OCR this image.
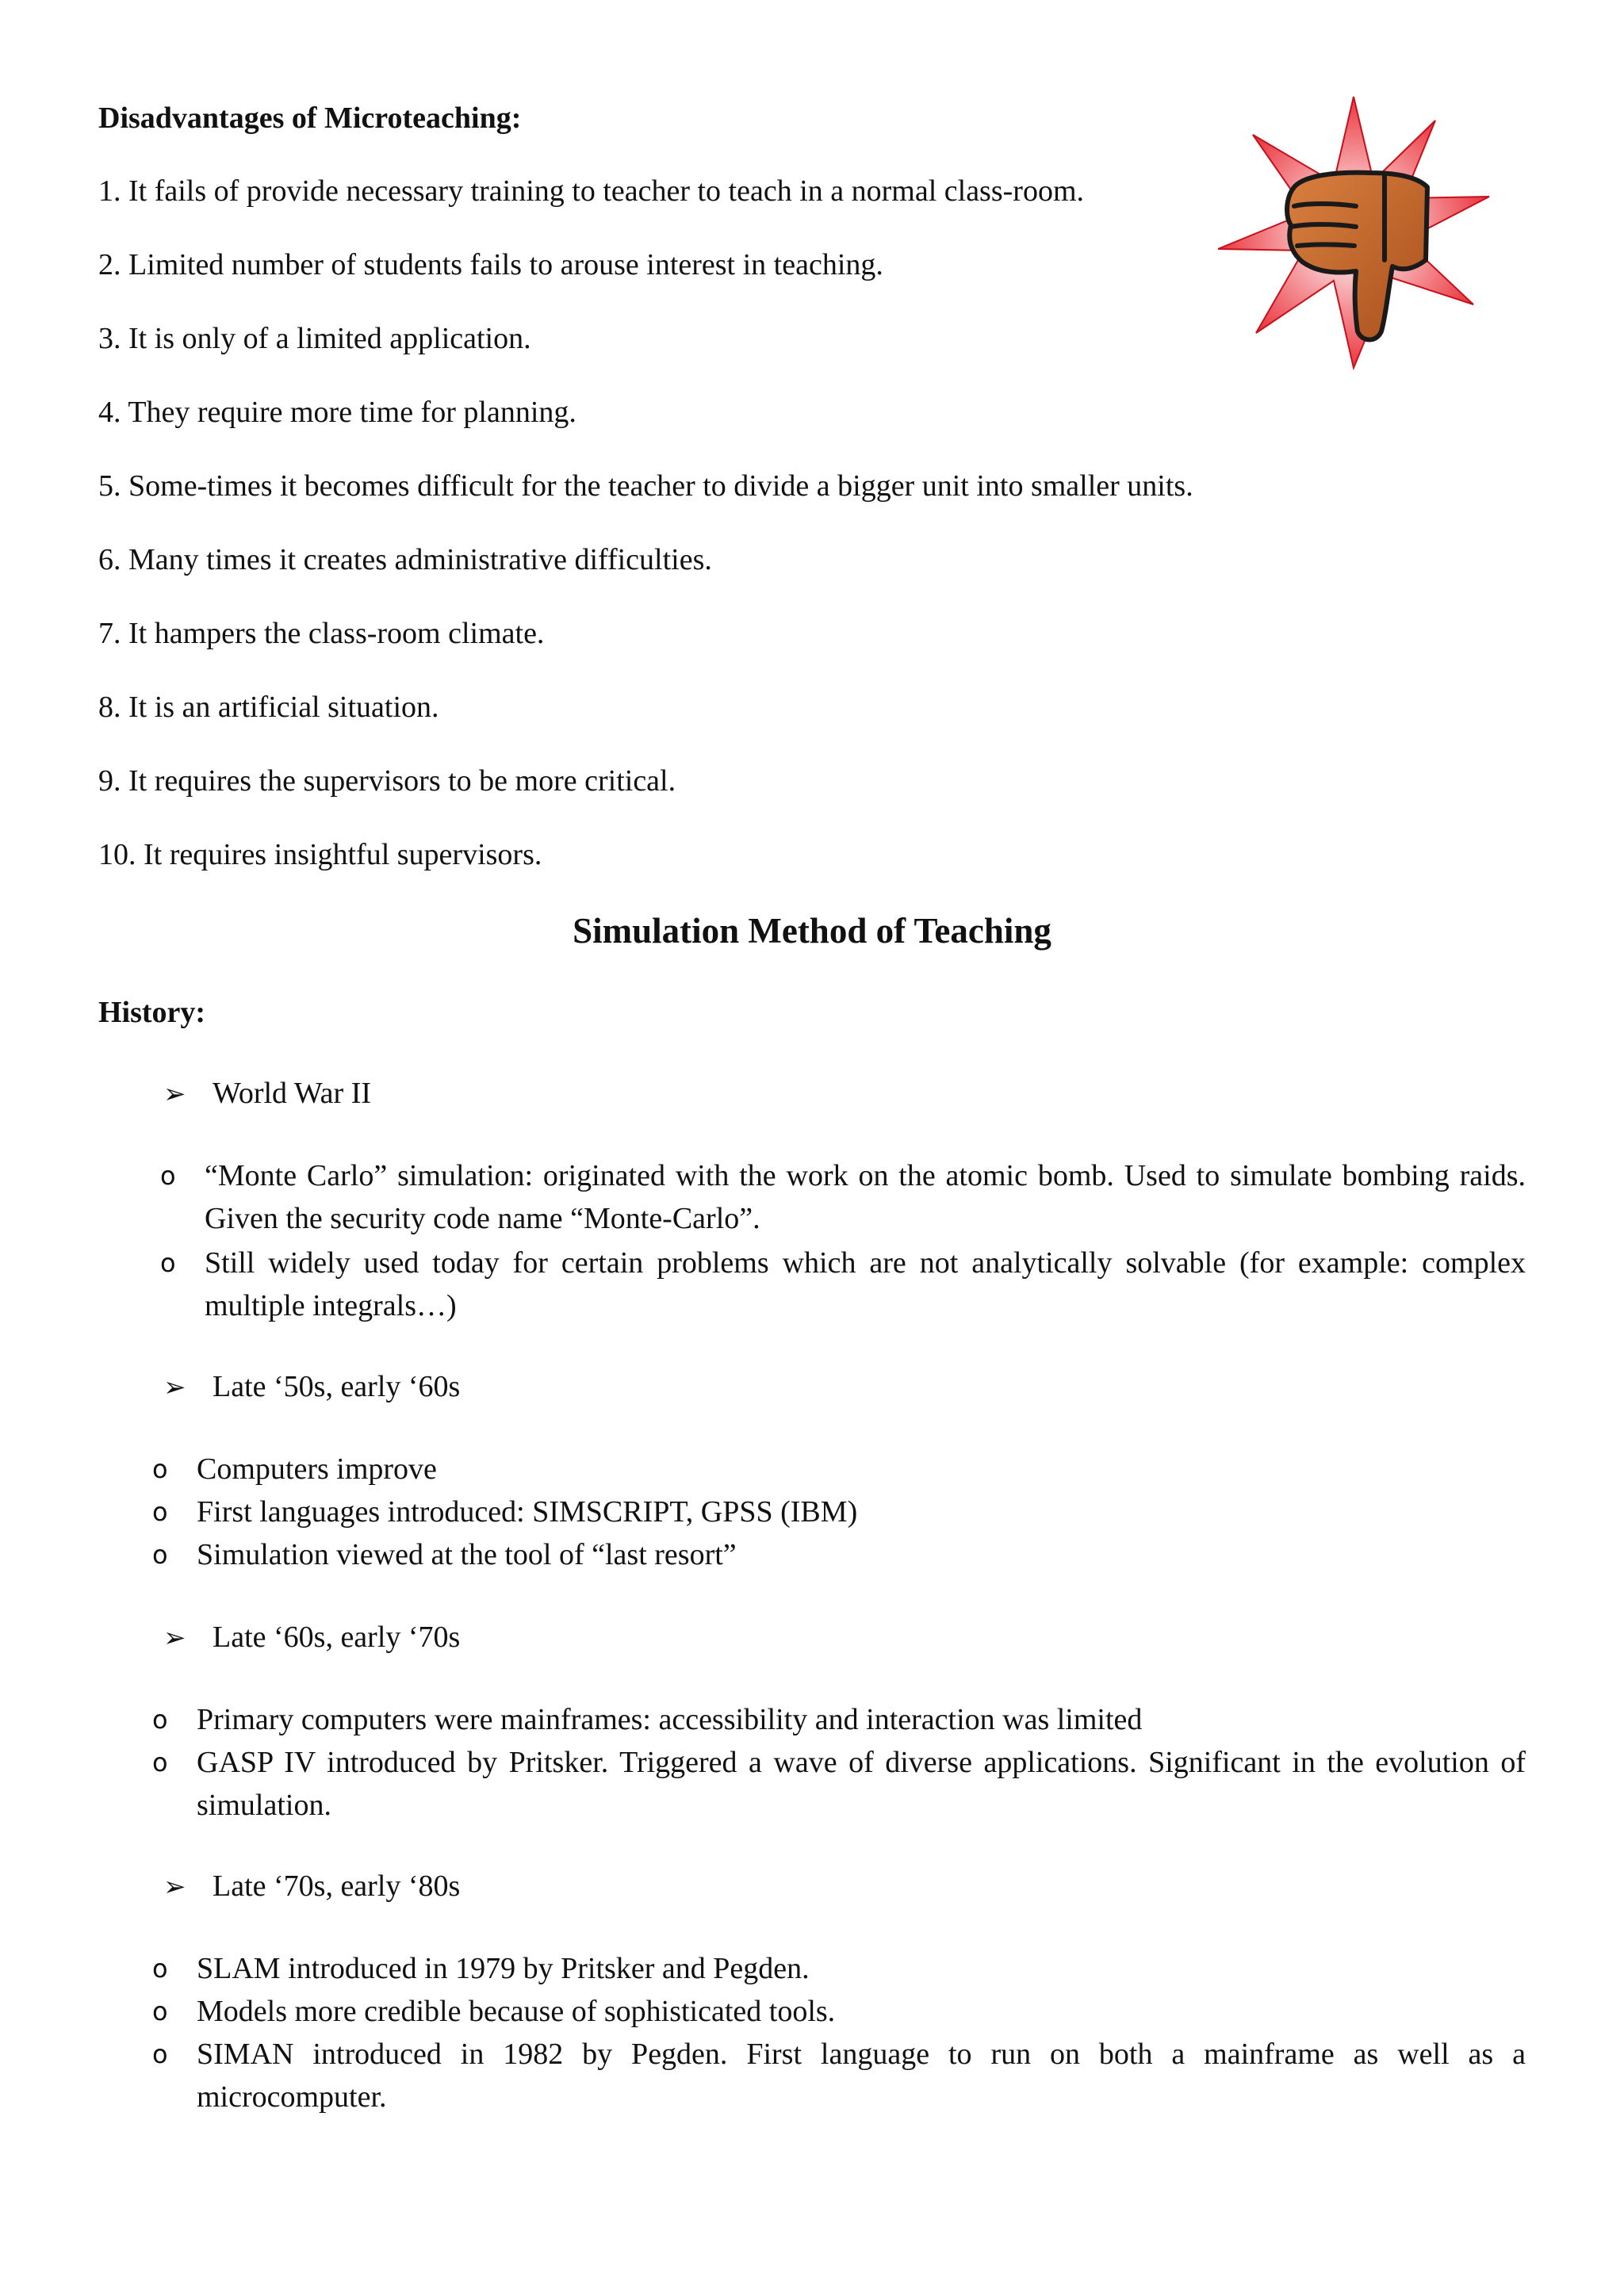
Disadvantages of Microteaching:
1. It fails of provide necessary training to teacher to teach in a normal class-room.
2. Limited number of students fails to arouse interest in teaching.
3. It is only of a limited application.
4. They require more time for planning.
5. Some-times it becomes difficult for the teacher to divide a bigger unit into smaller units.
6. Many times it creates administrative difficulties.
7. It hampers the class-room climate.
8. It is an artificial situation.
9. It requires the supervisors to be more critical.
10. It requires insightful supervisors.
Simulation Method of Teaching
History:
➢ World War II
o “Monte Carlo” simulation: originated with the work on the atomic bomb. Used to simulate bombing raids. Given the security code name “Monte-Carlo”.
o Still widely used today for certain problems which are not analytically solvable (for example: complex multiple integrals…)
➢ Late ‘50s, early ‘60s
o Computers improve
o First languages introduced: SIMSCRIPT, GPSS (IBM)
o Simulation viewed at the tool of “last resort”
➢ Late ‘60s, early ‘70s
o Primary computers were mainframes: accessibility and interaction was limited
o GASP IV introduced by Pritsker. Triggered a wave of diverse applications. Significant in the evolution of simulation.
➢ Late ‘70s, early ‘80s
o SLAM introduced in 1979 by Pritsker and Pegden.
o Models more credible because of sophisticated tools.
o SIMAN introduced in 1982 by Pegden. First language to run on both a mainframe as well as a microcomputer.
